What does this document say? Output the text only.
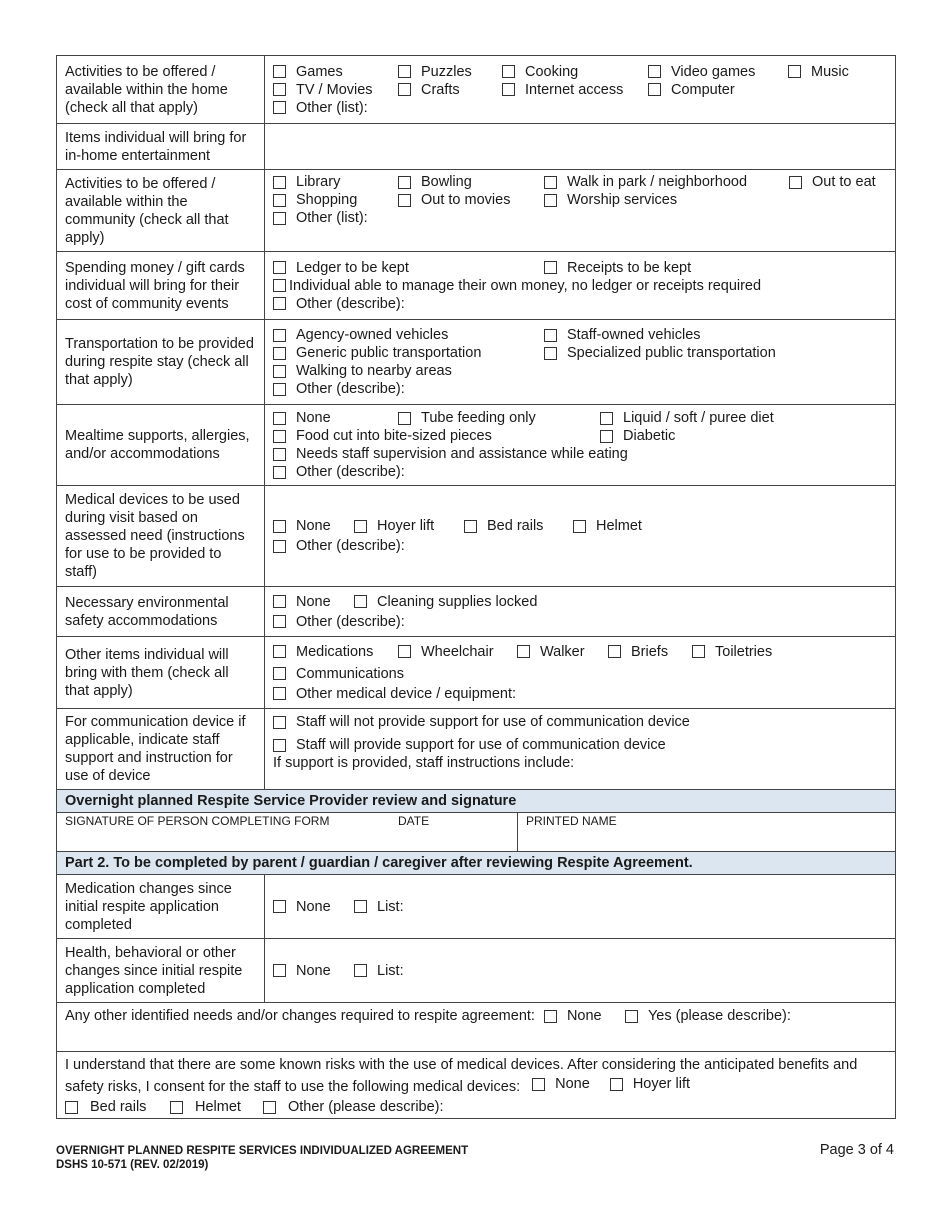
Activities to be offered / available within the home (check all that apply)
Games	Puzzles	Cooking	Video games	Music
TV / Movies	Crafts	Internet access	Computer
Other (list):
Items individual will bring for in-home entertainment
Activities to be offered / available within the community (check all that apply)
Library	Bowling	Walk in park / neighborhood	Out to eat
Shopping	Out to movies	Worship services
Other (list):
Spending money / gift cards individual will bring for their cost of community events
Ledger to be kept	Receipts to be kept
Individual able to manage their own money, no ledger or receipts required
Other (describe):
Transportation to be provided during respite stay (check all that apply)
Agency-owned vehicles	Staff-owned vehicles
Generic public transportation	Specialized public transportation
Walking to nearby areas
Other (describe):
Mealtime supports, allergies, and/or accommodations
None	Tube feeding only	Liquid / soft / puree diet
Food cut into bite-sized pieces	Diabetic
Needs staff supervision and assistance while eating
Other (describe):
Medical devices to be used during visit based on assessed need (instructions for use to be provided to staff)
None	Hoyer lift	Bed rails	Helmet
Other (describe):
Necessary environmental safety accommodations
None	Cleaning supplies locked
Other (describe):
Other items individual will bring with them (check all that apply)
Medications	Wheelchair	Walker	Briefs	Toiletries
Communications
Other medical device / equipment:
For communication device if applicable, indicate staff support and instruction for use of device
Staff will not provide support for use of communication device
Staff will provide support for use of communication device
If support is provided, staff instructions include:
Overnight planned Respite Service Provider review and signature
SIGNATURE OF PERSON COMPLETING FORM	DATE	PRINTED NAME
Part 2. To be completed by parent / guardian / caregiver after reviewing Respite Agreement.
Medication changes since initial respite application completed
None	List:
Health, behavioral or other changes since initial respite application completed
None	List:
Any other identified needs and/or changes required to respite agreement: None	Yes (please describe):
I understand that there are some known risks with the use of medical devices. After considering the anticipated benefits and safety risks, I consent for the staff to use the following medical devices: None
	Hoyer lift
Bed rails	Helmet	Other (please describe):
OVERNIGHT PLANNED RESPITE SERVICES INDIVIDUALIZED AGREEMENT
DSHS 10-571 (REV. 02/2019)
Page 3 of 4
